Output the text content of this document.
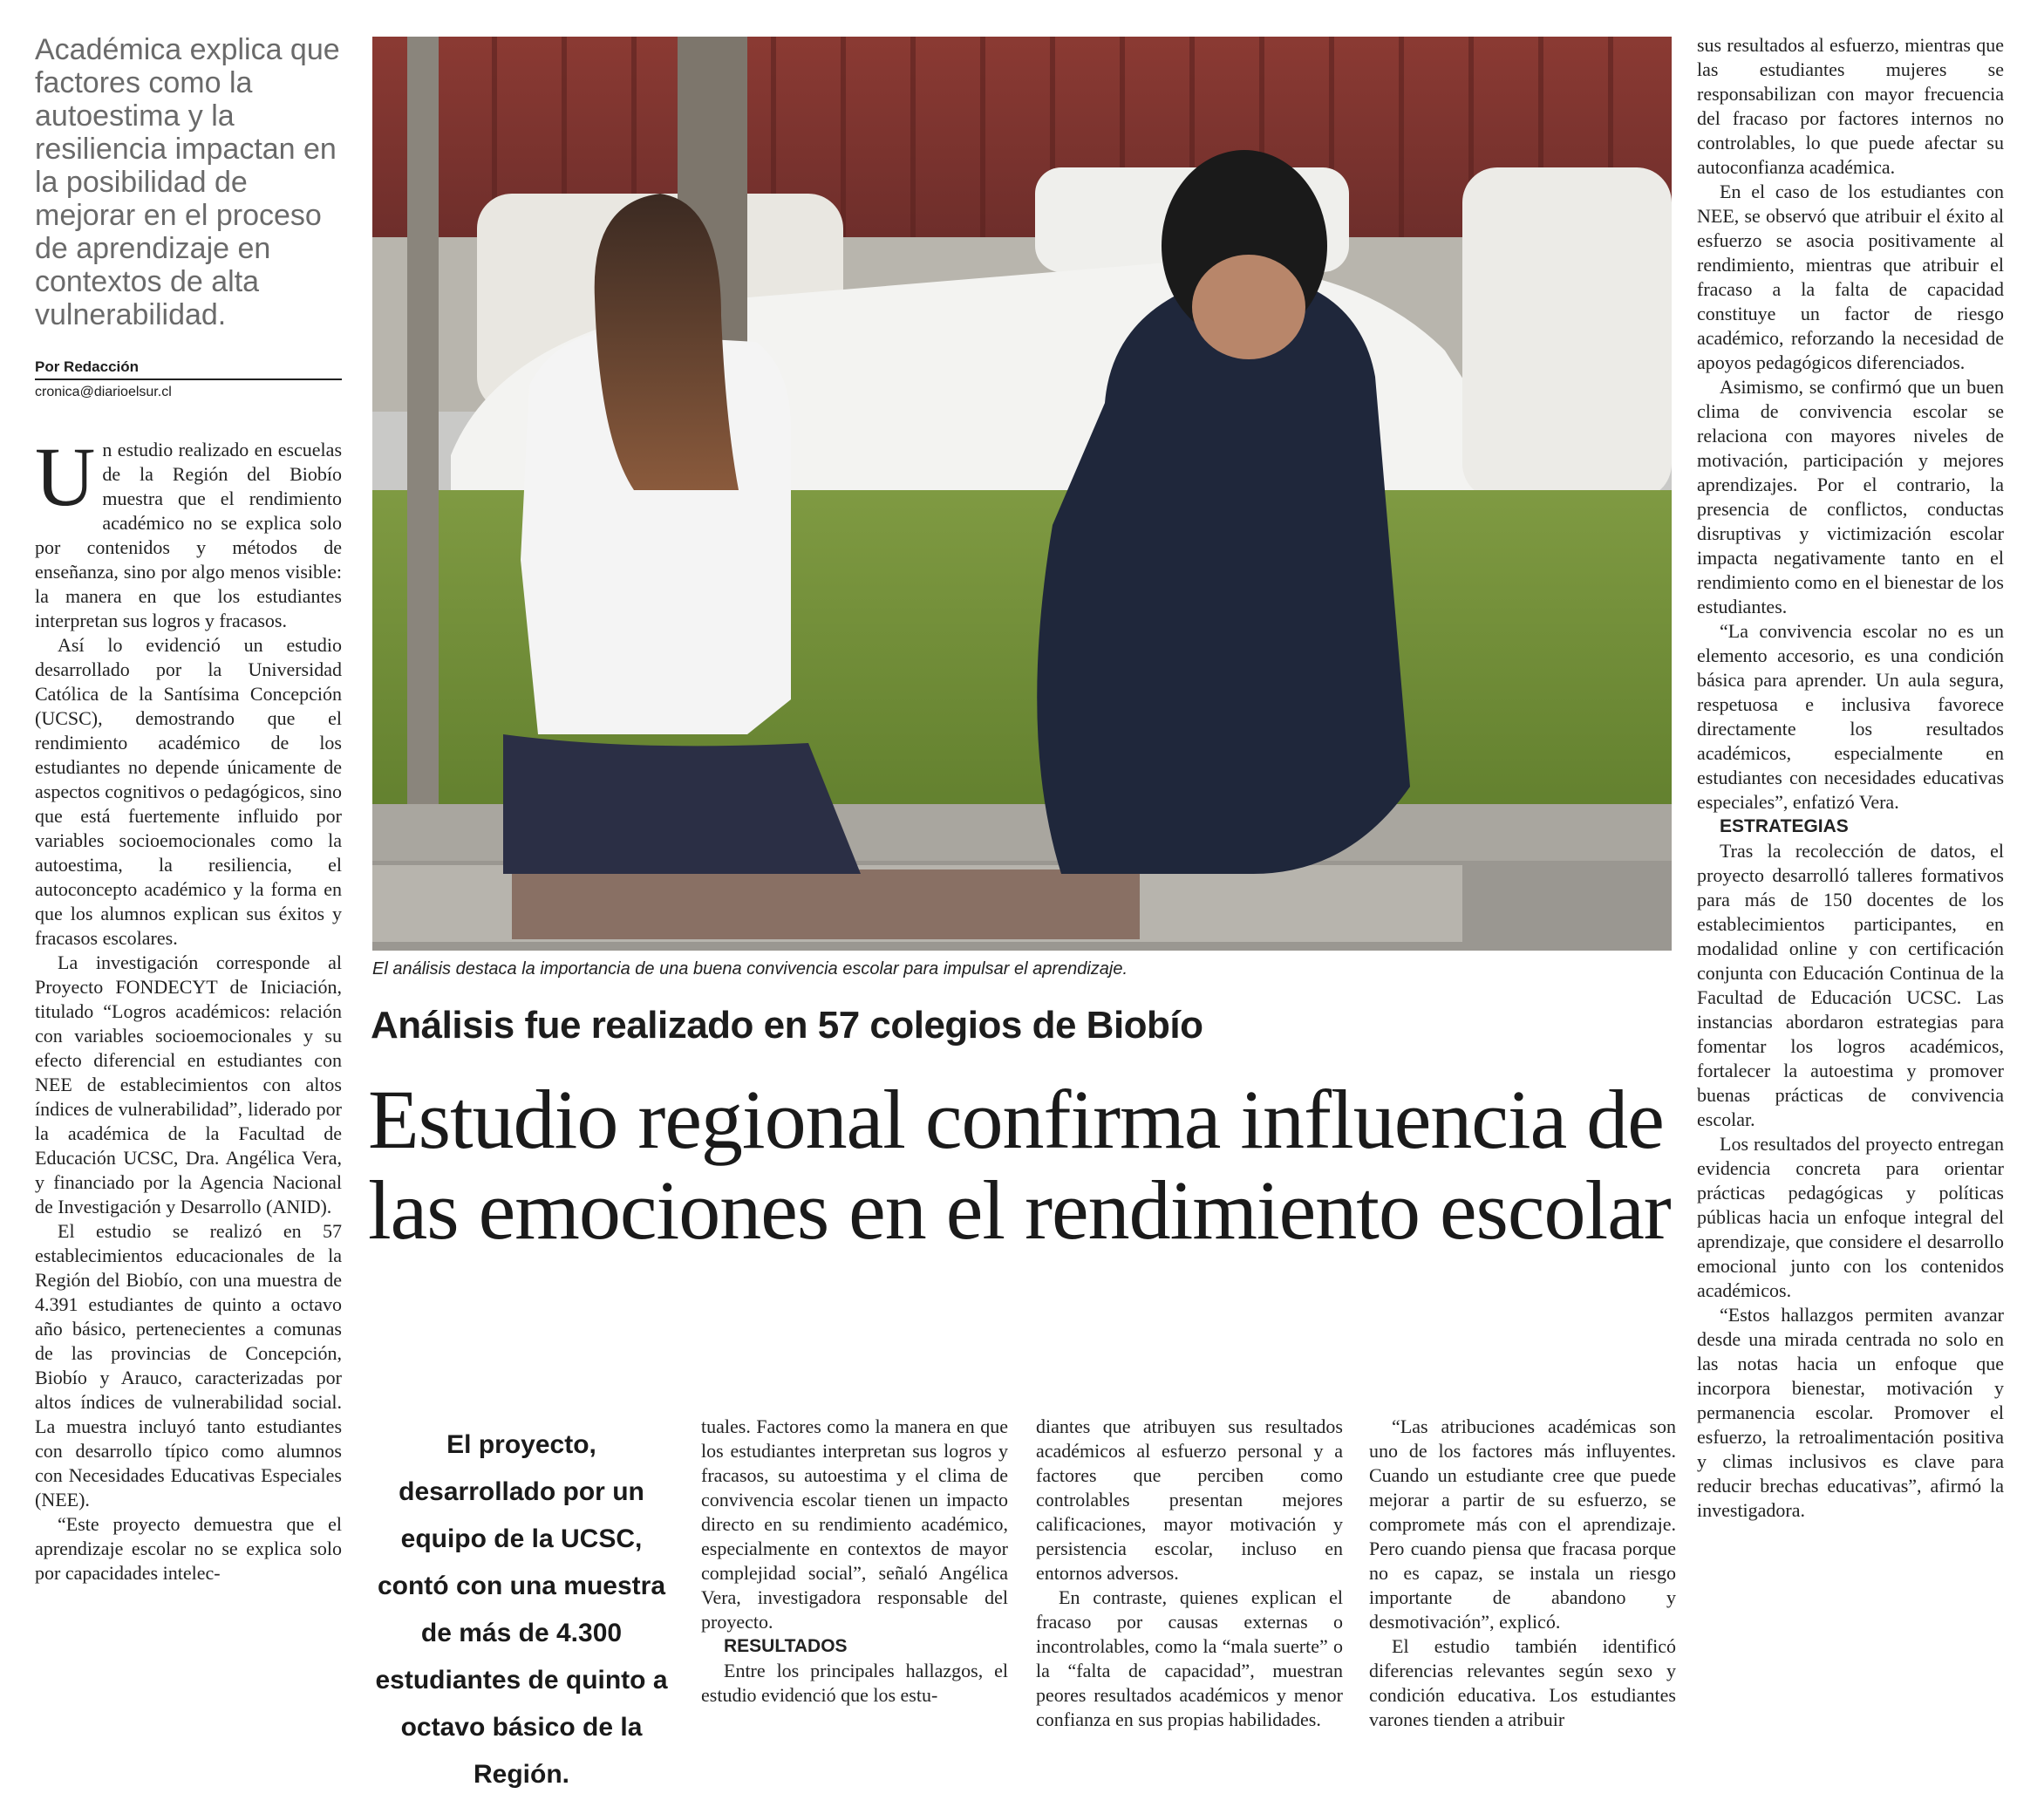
Académica explica que factores como la autoestima y la resiliencia impactan en la posibilidad de mejorar en el proceso de aprendizaje en contextos de alta vulnerabilidad.
Por Redacción
cronica@diarioelsur.cl

Un estudio realizado en escuelas de la Región del Biobío muestra que el rendimiento académico no se explica solo por contenidos y métodos de enseñanza, sino por algo menos visible: la manera en que los estudiantes interpretan sus logros y fracasos.

Así lo evidenció un estudio desarrollado por la Universidad Católica de la Santísima Concepción (UCSC), demostrando que el rendimiento académico de los estudiantes no depende únicamente de aspectos cognitivos o pedagógicos, sino que está fuertemente influido por variables socioemocionales como la autoestima, la resiliencia, el autoconcepto académico y la forma en que los alumnos explican sus éxitos y fracasos escolares.

La investigación corresponde al Proyecto FONDECYT de Iniciación, titulado “Logros académicos: relación con variables socioemocionales y su efecto diferencial en estudiantes con NEE de establecimientos con altos índices de vulnerabilidad”, liderado por la académica de la Facultad de Educación UCSC, Dra. Angélica Vera, y financiado por la Agencia Nacional de Investigación y Desarrollo (ANID).

El estudio se realizó en 57 establecimientos educacionales de la Región del Biobío, con una muestra de 4.391 estudiantes de quinto a octavo año básico, pertenecientes a comunas de las provincias de Concepción, Biobío y Arauco, caracterizadas por altos índices de vulnerabilidad social. La muestra incluyó tanto estudiantes con desarrollo típico como alumnos con Necesidades Educativas Especiales (NEE).

“Este proyecto demuestra que el aprendizaje escolar no se explica solo por capacidades intelec-

El análisis destaca la importancia de una buena convivencia escolar para impulsar el aprendizaje.
Análisis fue realizado en 57 colegios de Biobío
Estudio regional confirma influencia de las emociones en el rendimiento escolar
El proyecto, desarrollado por un equipo de la UCSC, contó con una muestra de más de 4.300 estudiantes de quinto a octavo básico de la Región.

tuales. Factores como la manera en que los estudiantes interpretan sus logros y fracasos, su autoestima y el clima de convivencia escolar tienen un impacto directo en su rendimiento académico, especialmente en contextos de mayor complejidad social”, señaló Angélica Vera, investigadora responsable del proyecto.

RESULTADOS

Entre los principales hallazgos, el estudio evidenció que los estu-

diantes que atribuyen sus resultados académicos al esfuerzo personal y a factores que perciben como controlables presentan mejores calificaciones, mayor motivación y persistencia escolar, incluso en entornos adversos.

En contraste, quienes explican el fracaso por causas externas o incontrolables, como la “mala suerte” o la “falta de capacidad”, muestran peores resultados académicos y menor confianza en sus propias habilidades.

“Las atribuciones académicas son uno de los factores más influyentes. Cuando un estudiante cree que puede mejorar a partir de su esfuerzo, se compromete más con el aprendizaje. Pero cuando piensa que fracasa porque no es capaz, se instala un riesgo importante de abandono y desmotivación”, explicó.

El estudio también identificó diferencias relevantes según sexo y condición educativa. Los estudiantes varones tienden a atribuir

sus resultados al esfuerzo, mientras que las estudiantes mujeres se responsabilizan con mayor frecuencia del fracaso por factores internos no controlables, lo que puede afectar su autoconfianza académica.

En el caso de los estudiantes con NEE, se observó que atribuir el éxito al esfuerzo se asocia positivamente al rendimiento, mientras que atribuir el fracaso a la falta de capacidad constituye un factor de riesgo académico, reforzando la necesidad de apoyos pedagógicos diferenciados.

Asimismo, se confirmó que un buen clima de convivencia escolar se relaciona con mayores niveles de motivación, participación y mejores aprendizajes. Por el contrario, la presencia de conflictos, conductas disruptivas y victimización escolar impacta negativamente tanto en el rendimiento como en el bienestar de los estudiantes.

“La convivencia escolar no es un elemento accesorio, es una condición básica para aprender. Un aula segura, respetuosa e inclusiva favorece directamente los resultados académicos, especialmente en estudiantes con necesidades educativas especiales”, enfatizó Vera.

ESTRATEGIAS

Tras la recolección de datos, el proyecto desarrolló talleres formativos para más de 150 docentes de los establecimientos participantes, en modalidad online y con certificación conjunta con Educación Continua de la Facultad de Educación UCSC. Las instancias abordaron estrategias para fomentar los logros académicos, fortalecer la autoestima y promover buenas prácticas de convivencia escolar.

Los resultados del proyecto entregan evidencia concreta para orientar prácticas pedagógicas y políticas públicas hacia un enfoque integral del aprendizaje, que considere el desarrollo emocional junto con los contenidos académicos.

“Estos hallazgos permiten avanzar desde una mirada centrada no solo en las notas hacia un enfoque que incorpora bienestar, motivación y permanencia escolar. Promover el esfuerzo, la retroalimentación positiva y climas inclusivos es clave para reducir brechas educativas”, afirmó la investigadora.
